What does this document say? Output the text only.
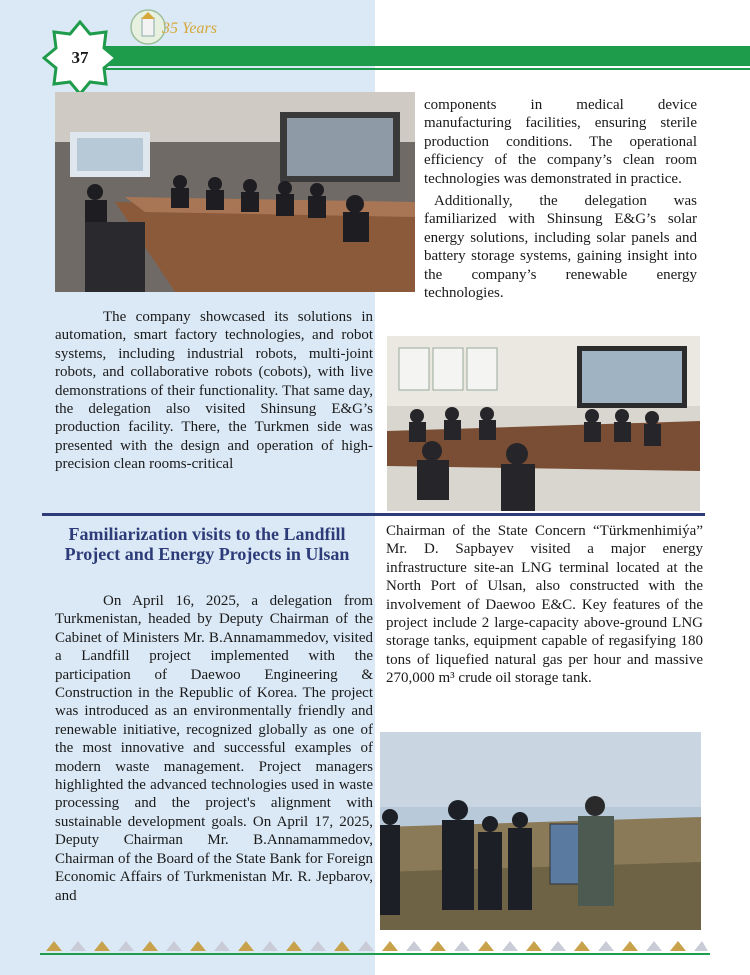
37
35 Years

components in medical device manufacturing facilities, ensuring sterile production conditions. The operational efficiency of the company’s clean room technologies was demonstrated in practice.

Additionally, the delegation was familiarized with Shinsung E&G’s solar energy solutions, including solar panels and battery storage systems, gaining insight into the company’s renewable energy technologies.

The company showcased its solutions in automation, smart factory technologies, and robot systems, including industrial robots, multi-joint robots, and collaborative robots (cobots), with live demonstrations of their functionality. That same day, the delegation also visited Shinsung E&G’s production facility. There, the Turkmen side was presented with the design and operation of high-precision clean rooms-critical

Familiarization visits to the Landfill Project and Energy Projects in Ulsan

On April 16, 2025, a delegation from Turkmenistan, headed by Deputy Chairman of the Cabinet of Ministers Mr. B.Annamammedov, visited a Landfill project implemented with the participation of Daewoo Engineering & Construction in the Republic of Korea. The project was introduced as an environmentally friendly and renewable initiative, recognized globally as one of the most innovative and successful examples of modern waste management. Project managers highlighted the advanced technologies used in waste processing and the project's alignment with sustainable development goals. On April 17, 2025, Deputy Chairman Mr. B.Annamammedov, Chairman of the Board of the State Bank for Foreign Economic Affairs of Turkmenistan Mr. R. Jepbarov, and

Chairman of the State Concern “Türkmenhimiýa” Mr. D. Sapbayev visited a major energy infrastructure site-an LNG terminal located at the North Port of Ulsan, also constructed with the involvement of Daewoo E&C. Key features of the project include 2 large-capacity above-ground LNG storage tanks, equipment capable of regasifying 180 tons of liquefied natural gas per hour and massive 270,000 m³ crude oil storage tank.
